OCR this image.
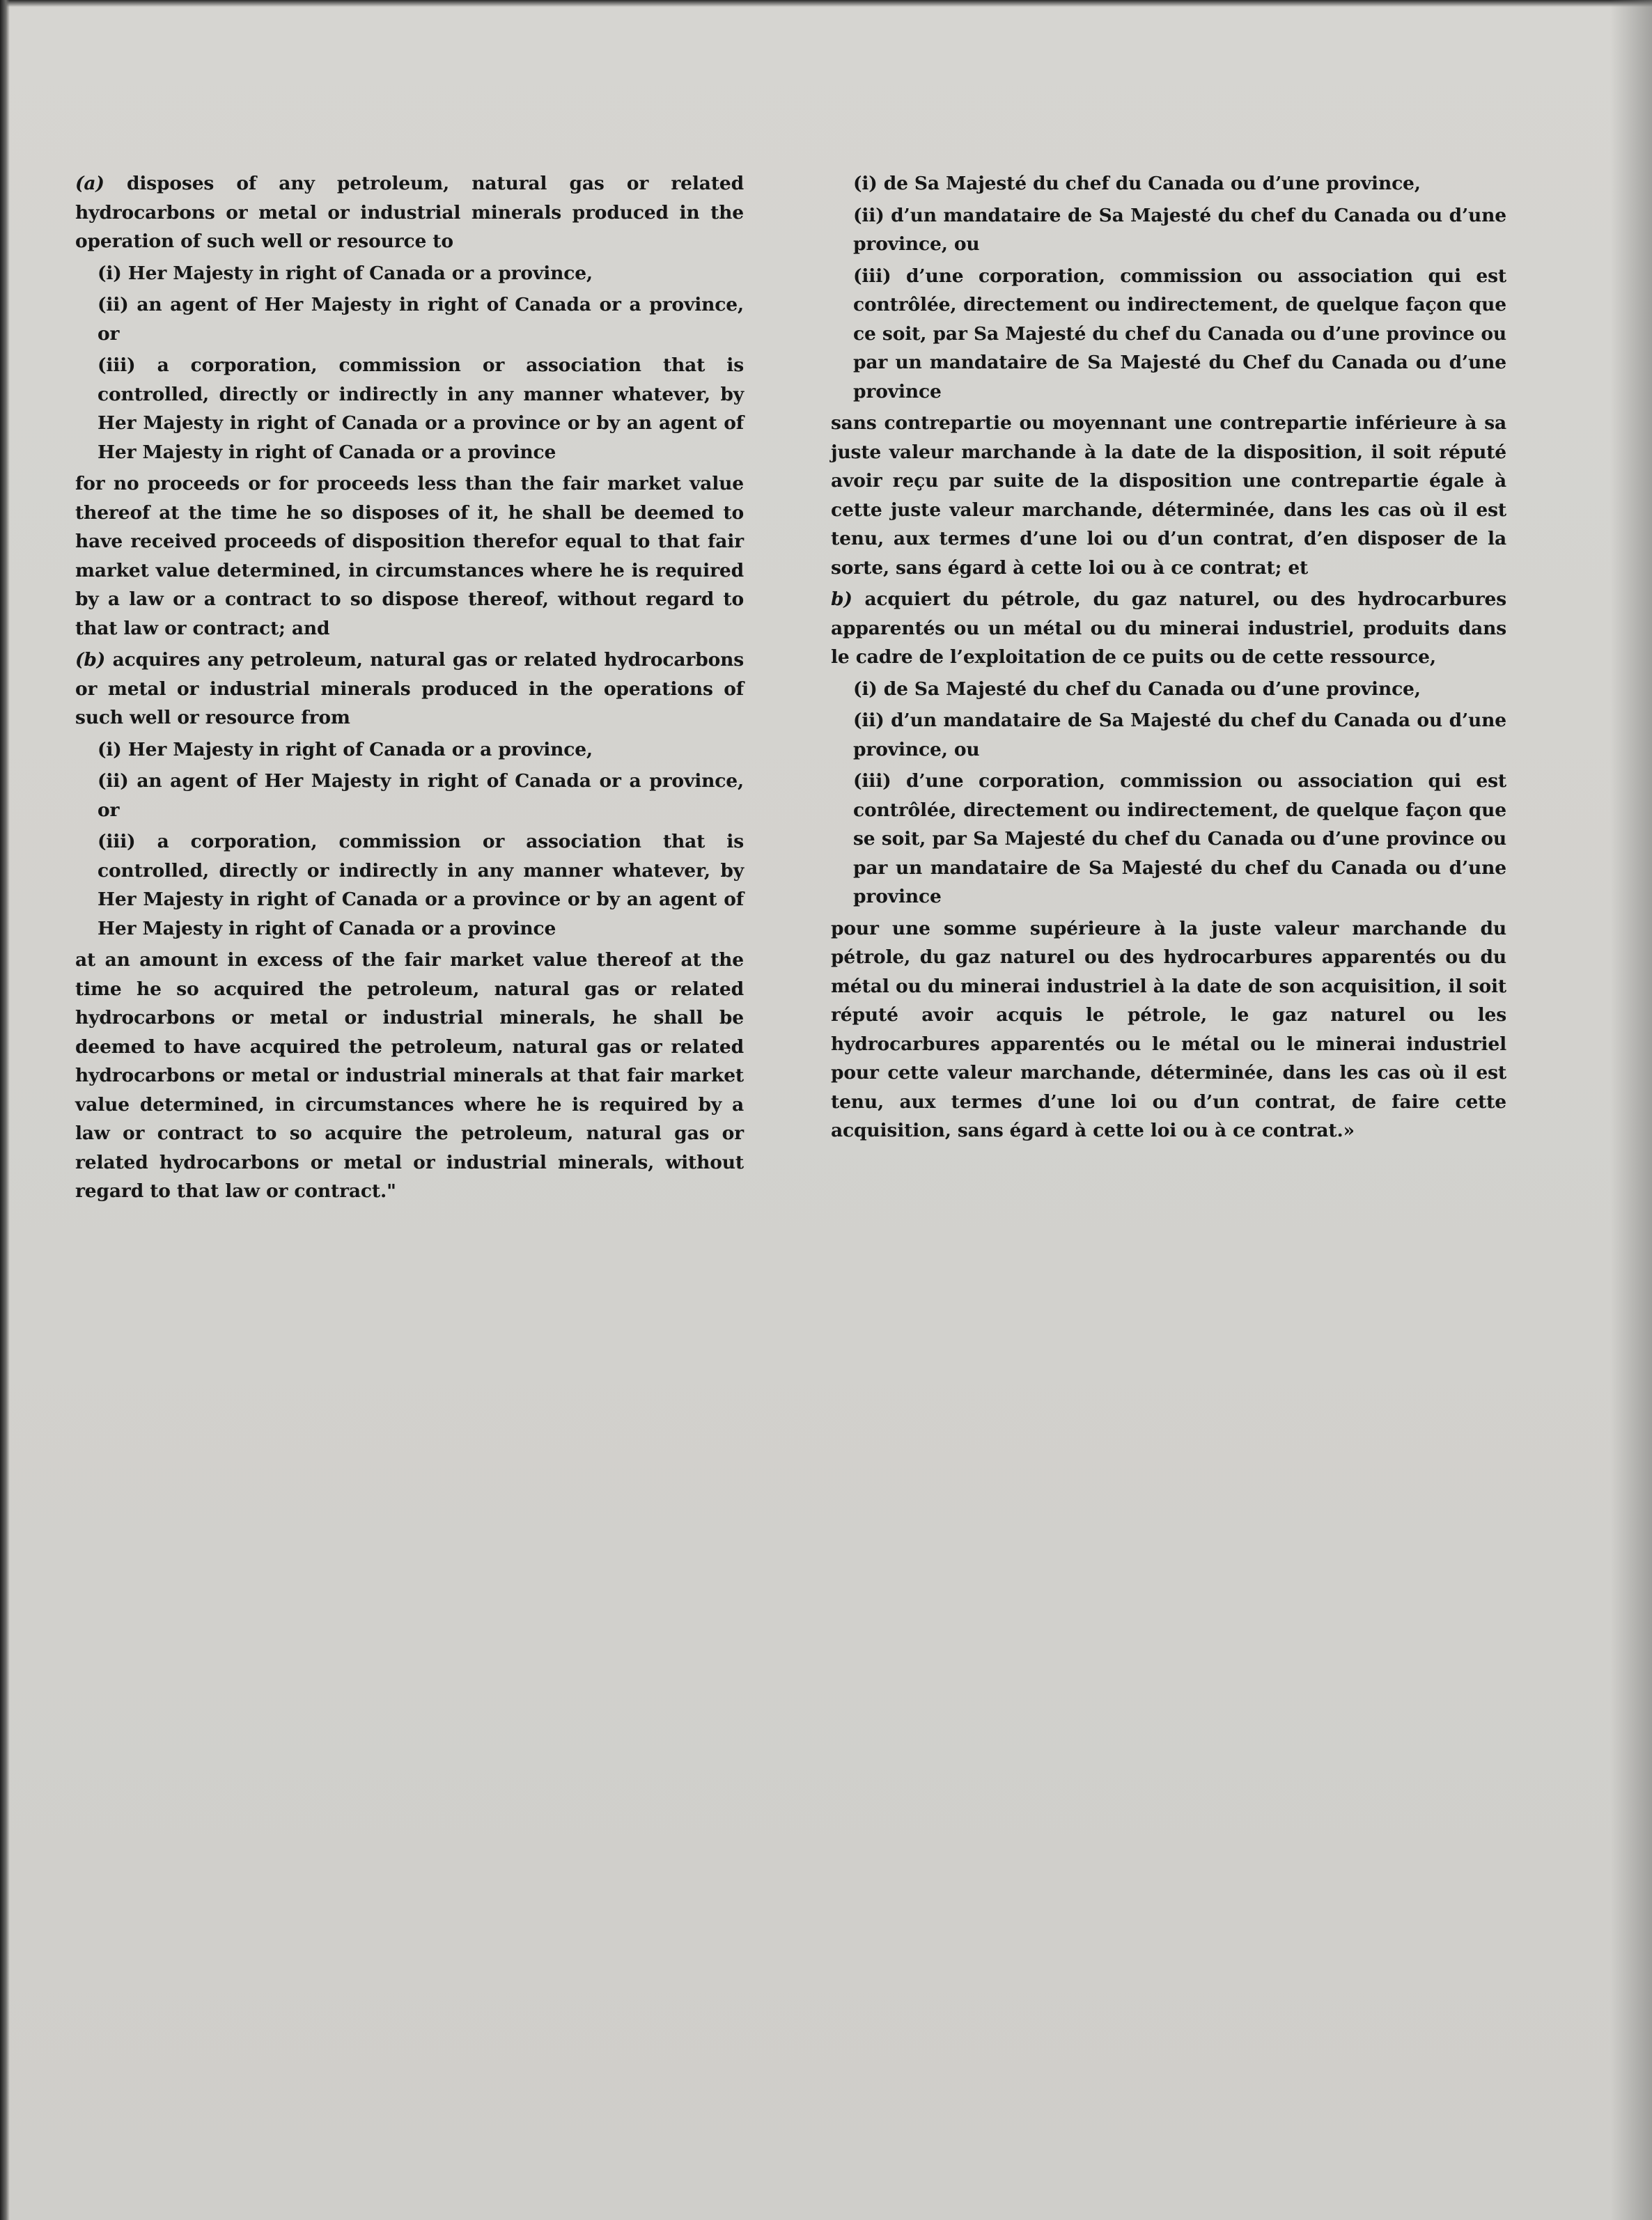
(a) disposes of any petroleum, natural gas or related hydrocarbons or metal or industrial minerals produced in the operation of such well or resource to

(i) Her Majesty in right of Canada or a province,

(ii) an agent of Her Majesty in right of Canada or a province, or

(iii) a corporation, commission or association that is controlled, directly or indirectly in any manner whatever, by Her Majesty in right of Canada or a province or by an agent of Her Majesty in right of Canada or a province

for no proceeds or for proceeds less than the fair market value thereof at the time he so disposes of it, he shall be deemed to have received proceeds of disposition therefor equal to that fair market value determined, in circumstances where he is required by a law or a contract to so dispose thereof, without regard to that law or contract; and

(b) acquires any petroleum, natural gas or related hydrocarbons or metal or industrial minerals produced in the operations of such well or resource from

(i) Her Majesty in right of Canada or a province,

(ii) an agent of Her Majesty in right of Canada or a province, or

(iii) a corporation, commission or association that is controlled, directly or indirectly in any manner whatever, by Her Majesty in right of Canada or a province or by an agent of Her Majesty in right of Canada or a province

at an amount in excess of the fair market value thereof at the time he so acquired the petroleum, natural gas or related hydrocarbons or metal or industrial minerals, he shall be deemed to have acquired the petroleum, natural gas or related hydrocarbons or metal or industrial minerals at that fair market value determined, in circumstances where he is required by a law or contract to so acquire the petroleum, natural gas or related hydrocarbons or metal or industrial minerals, without regard to that law or contract."

(i) de Sa Majesté du chef du Canada ou d’une province,

(ii) d’un mandataire de Sa Majesté du chef du Canada ou d’une province, ou

(iii) d’une corporation, commission ou association qui est contrôlée, directement ou indirectement, de quelque façon que ce soit, par Sa Majesté du chef du Canada ou d’une province ou par un mandataire de Sa Majesté du Chef du Canada ou d’une province

sans contrepartie ou moyennant une contrepartie inférieure à sa juste valeur marchande à la date de la disposition, il soit réputé avoir reçu par suite de la disposition une contrepartie égale à cette juste valeur marchande, déterminée, dans les cas où il est tenu, aux termes d’une loi ou d’un contrat, d’en disposer de la sorte, sans égard à cette loi ou à ce contrat; et

b) acquiert du pétrole, du gaz naturel, ou des hydrocarbures apparentés ou un métal ou du minerai industriel, produits dans le cadre de l’exploitation de ce puits ou de cette ressource,

(i) de Sa Majesté du chef du Canada ou d’une province,

(ii) d’un mandataire de Sa Majesté du chef du Canada ou d’une province, ou

(iii) d’une corporation, commission ou association qui est contrôlée, directement ou indirectement, de quelque façon que se soit, par Sa Majesté du chef du Canada ou d’une province ou par un mandataire de Sa Majesté du chef du Canada ou d’une province

pour une somme supérieure à la juste valeur marchande du pétrole, du gaz naturel ou des hydrocarbures apparentés ou du métal ou du minerai industriel à la date de son acquisition, il soit réputé avoir acquis le pétrole, le gaz naturel ou les hydrocarbures apparentés ou le métal ou le minerai industriel pour cette valeur marchande, déterminée, dans les cas où il est tenu, aux termes d’une loi ou d’un contrat, de faire cette acquisition, sans égard à cette loi ou à ce contrat.»
